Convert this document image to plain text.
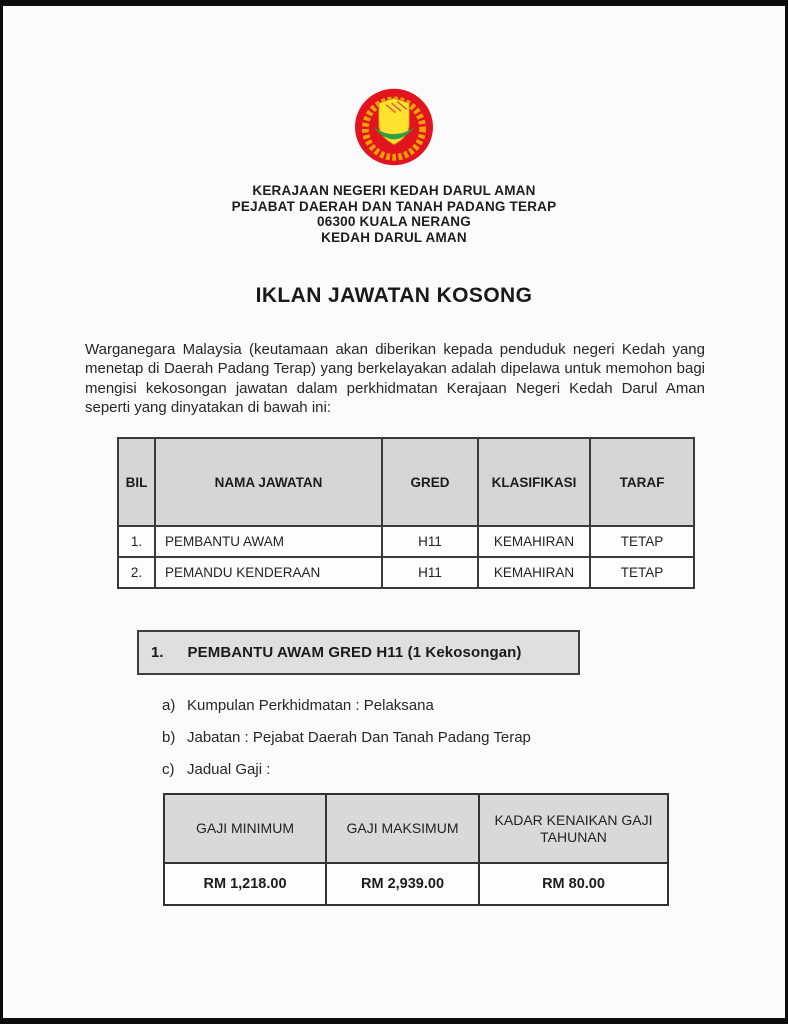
KERAJAAN NEGERI KEDAH DARUL AMAN
PEJABAT DAERAH DAN TANAH PADANG TERAP
06300 KUALA NERANG
KEDAH DARUL AMAN
IKLAN JAWATAN KOSONG
Warganegara Malaysia (keutamaan akan diberikan kepada penduduk negeri Kedah yang menetap di Daerah Padang Terap) yang berkelayakan adalah dipelawa untuk memohon bagi mengisi kekosongan jawatan dalam perkhidmatan Kerajaan Negeri Kedah Darul Aman seperti yang dinyatakan di bawah ini:
BIL	NAMA JAWATAN	GRED	KLASIFIKASI	TARAF
1.	PEMBANTU AWAM	H11	KEMAHIRAN	TETAP
2.	PEMANDU KENDERAAN	H11	KEMAHIRAN	TETAP
1. PEMBANTU AWAM GRED H11 (1 Kekosongan)
a) Kumpulan Perkhidmatan : Pelaksana
b) Jabatan : Pejabat Daerah Dan Tanah Padang Terap
c) Jadual Gaji :
GAJI MINIMUM	GAJI MAKSIMUM	KADAR KENAIKAN GAJI TAHUNAN
RM 1,218.00	RM 2,939.00	RM 80.00
